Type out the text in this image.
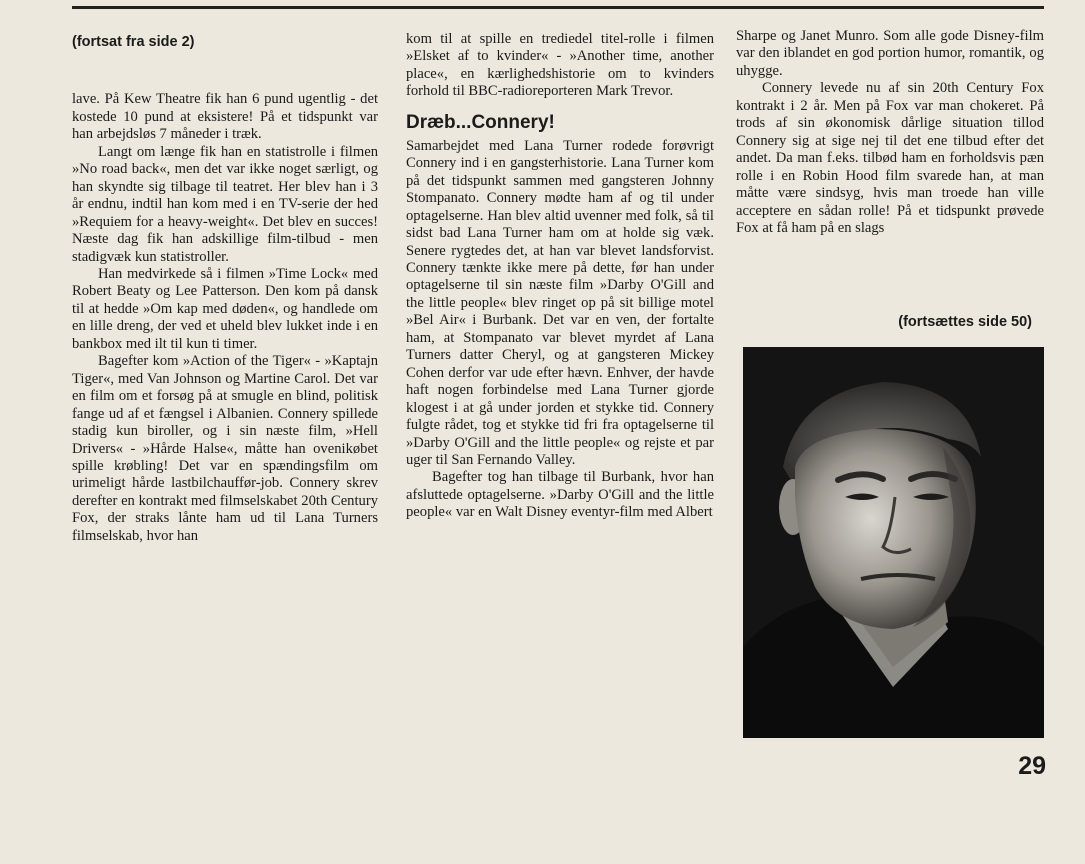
(fortsat fra side 2)

lave. På Kew Theatre fik han 6 pund ugentlig - det kostede 10 pund at eksistere! På et tidspunkt var han arbejdsløs 7 måneder i træk.

Langt om længe fik han en statistrolle i filmen »No road back«, men det var ikke noget særligt, og han skyndte sig tilbage til teatret. Her blev han i 3 år endnu, indtil han kom med i en TV-serie der hed »Requiem for a heavy-weight«. Det blev en succes! Næste dag fik han adskillige film-tilbud - men stadigvæk kun statistroller.

Han medvirkede så i filmen »Time Lock« med Robert Beaty og Lee Patterson. Den kom på dansk til at hedde »Om kap med døden«, og handlede om en lille dreng, der ved et uheld blev lukket inde i en bankbox med ilt til kun ti timer.

Bagefter kom »Action of the Tiger« - »Kaptajn Tiger«, med Van Johnson og Martine Carol. Det var en film om et forsøg på at smugle en blind, politisk fange ud af et fængsel i Albanien. Connery spillede stadig kun biroller, og i sin næste film, »Hell Drivers« - »Hårde Halse«, måtte han ovenikøbet spille krøbling! Det var en spændingsfilm om urimeligt hårde lastbilchauffør-job. Connery skrev derefter en kontrakt med filmselskabet 20th Century Fox, der straks lånte ham ud til Lana Turners filmselskab, hvor han

kom til at spille en trediedel titel-rolle i filmen »Elsket af to kvinder« - »Another time, another place«, en kærlighedshistorie om to kvinders forhold til BBC-radioreporteren Mark Trevor.

Dræb...Connery!

Samarbejdet med Lana Turner rodede forøvrigt Connery ind i en gangsterhistorie. Lana Turner kom på det tidspunkt sammen med gangsteren Johnny Stompanato. Connery mødte ham af og til under optagelserne. Han blev altid uvenner med folk, så til sidst bad Lana Turner ham om at holde sig væk. Senere rygtedes det, at han var blevet landsforvist. Connery tænkte ikke mere på dette, før han under optagelserne til sin næste film »Darby O'Gill and the little people« blev ringet op på sit billige motel »Bel Air« i Burbank. Det var en ven, der fortalte ham, at Stompanato var blevet myrdet af Lana Turners datter Cheryl, og at gangsteren Mickey Cohen derfor var ude efter hævn. Enhver, der havde haft nogen forbindelse med Lana Turner gjorde klogest i at gå under jorden et stykke tid. Connery fulgte rådet, tog et stykke tid fri fra optagelserne til »Darby O'Gill and the little people« og rejste et par uger til San Fernando Valley.

Bagefter tog han tilbage til Burbank, hvor han afsluttede optagelserne. »Darby O'Gill and the little people« var en Walt Disney eventyr-film med Albert

Sharpe og Janet Munro. Som alle gode Disney-film var den iblandet en god portion humor, romantik, og uhygge.

Connery levede nu af sin 20th Century Fox kontrakt i 2 år. Men på Fox var man chokeret. På trods af sin økonomisk dårlige situation tillod Connery sig at sige nej til det ene tilbud efter det andet. Da man f.eks. tilbød ham en forholdsvis pæn rolle i en Robin Hood film svarede han, at man måtte være sindsyg, hvis man troede han ville acceptere en sådan rolle! På et tidspunkt prøvede Fox at få ham på en slags

(fortsættes side 50)
29
